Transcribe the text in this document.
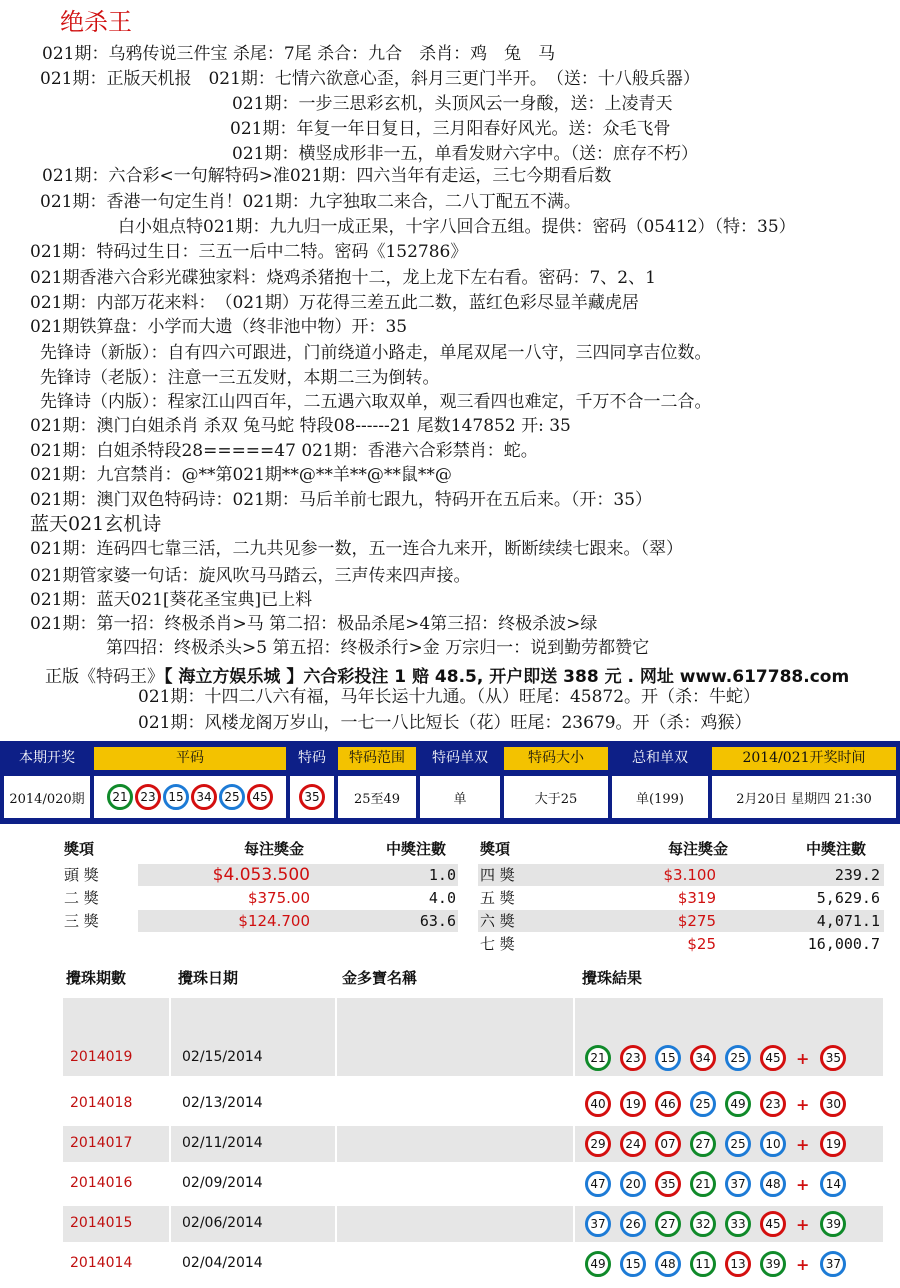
绝杀王
021期：乌鸦传说三件宝 杀尾：7尾 杀合：九合　杀肖：鸡　兔　马
021期：正版天机报　021期：七情六欲意心歪，斜月三更门半开。　（送：十八般兵器）
021期：一步三思彩玄机，头顶风云一身酸，送：上凌青天
021期：年复一年日复日，三月阳春好风光。送：众毛飞骨
021期：横竖成形非一五，单看发财六字中。（送：庶存不朽）
021期：六合彩<一句解特码>准021期：四六当年有走运，三七今期看后数
021期：香港一句定生肖！021期：九字独取二来合，二八丁配五不满。
白小姐点特021期：九九归一成正果，十字八回合五组。提供：密码（05412）（特：35）
021期：特码过生日：三五一后中二特。密码《152786》
021期香港六合彩光碟独家料：烧鸡杀猪抱十二，龙上龙下左右看。密码：7、2、1
021期：内部万花来料：　（021期）万花得三差五此二数，蓝红色彩尽显羊藏虎居
021期铁算盘：小学而大遗（终非池中物）开：35
先锋诗（新版）：自有四六可跟进，门前绕道小路走，单尾双尾一八守，三四同享吉位数。
先锋诗（老版）：注意一三五发财，本期二三为倒转。
先锋诗（内版）：程家江山四百年，二五遇六取双单，观三看四也难定，千万不合一二合。
021期：澳门白姐杀肖 杀双 兔马蛇 特段08------21 尾数147852 开: 35
021期：白姐杀特段28=====47 021期：香港六合彩禁肖：蛇。
021期：九宫禁肖：@**第021期**@**羊**@**鼠**@
021期：澳门双色特码诗：021期：马后羊前七跟九，特码开在五后来。（开：35）
蓝天021玄机诗
021期：连码四七靠三活，二九共见参一数，五一连合九来开，断断续续七跟来。（翠）
021期管家婆一句话：旋风吹马马踏云，三声传来四声接。
021期：蓝天021[葵花圣宝典]已上料
021期：第一招：终极杀肖>马 第二招：极品杀尾>4第三招：终极杀波>绿
第四招：终极杀头>5 第五招：终极杀行>金 万宗归一：说到勤劳都赞它
正版《特码王》【 海立方娱乐城 】六合彩投注 1 赔 48.5, 开户即送 388 元 . 网址 www.617788.com
021期：十四二八六有福，马年长运十九通。（从）旺尾：45872。开（杀：牛蛇）
021期：风楼龙阁万岁山，一七一八比短长（花）旺尾：23679。开（杀：鸡猴）
本期开奖	平码	特码	特码范围	特码单双	特码大小	总和单双	2014/021开奖时间
2014/020期	21	23	15	34	25	45	35	25至49	单	大于25	单(199)	2月20日 星期四 21:30
獎項	每注獎金	中獎注數 獎項	每注獎金	中獎注數
頭 獎	$4.053.500	1.0
二 獎	$375.00	4.0
三 獎	$124.700	63.6
四 獎	$3.100	239.2
五 獎	$319	5,629.6
六 獎	$275	4,071.1
七 獎	$25	16,000.7
攪珠期數	攪珠日期	金多寶名稱	攪珠結果
2014019	02/15/2014	21	23	15	34	25	45 +	35
2014018	02/13/2014	40	19	46	25	49	23 +	30
2014017	02/11/2014	29	24	07	27	25	10 +	19
2014016	02/09/2014	47	20	35	21	37	48 +	14
2014015	02/06/2014	37	26	27	32	33	45 +	39
2014014	02/04/2014	49	15	48	11	13	39 +	37
